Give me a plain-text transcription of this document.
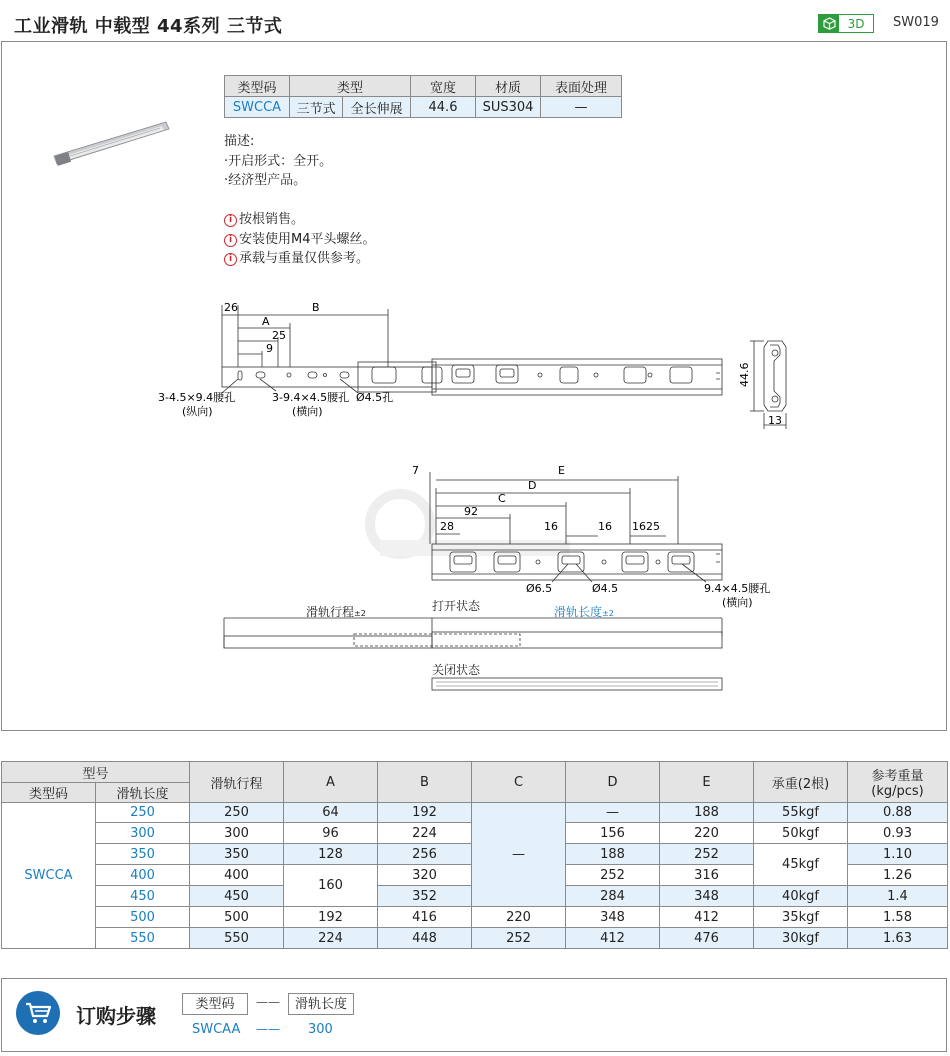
工业滑轨 中载型 44系列 三节式	3D	SW019
类型码	类型		宽度	材质	表面处理
SWCCA	三节式	全长伸展	44.6	SUS304	—
描述:
·开启形式：全开。
·经济型产品。
i 按根销售。
i 安装使用M4平头螺丝。
i 承载与重量仅供参考。
26	B
A
25
9
3-4.5×9.4腰孔
(纵向)
3-9.4×4.5腰孔
(横向)
Ø4.5孔
44.6
13
7	E
D
C
92
28	16	16 16 25
Ø6.5	Ø4.5	9.4×4.5腰孔
(横向)
滑轨行程±2
打开状态	滑轨长度±2
关闭状态
型号		滑轨行程	A	B	C	D	E	承重(2根)	参考重量
(kg/pcs)
类型码	滑轨长度								
SWCCA	250	250	64	192	—	—	188	55kgf	0.88
	300	300	96	224		156	220	50kgf	0.93
	350	350	128	256		188	252	45kgf	1.10
	400	400	160	320		252	316		1.26
	450	450		352		284	348	40kgf	1.4
	500	500	192	416	220	348	412	35kgf	1.58
	550	550	224	448	252	412	476	30kgf	1.63
订购步骤	类型码	——	滑轨长度
SWCAA —— 300
